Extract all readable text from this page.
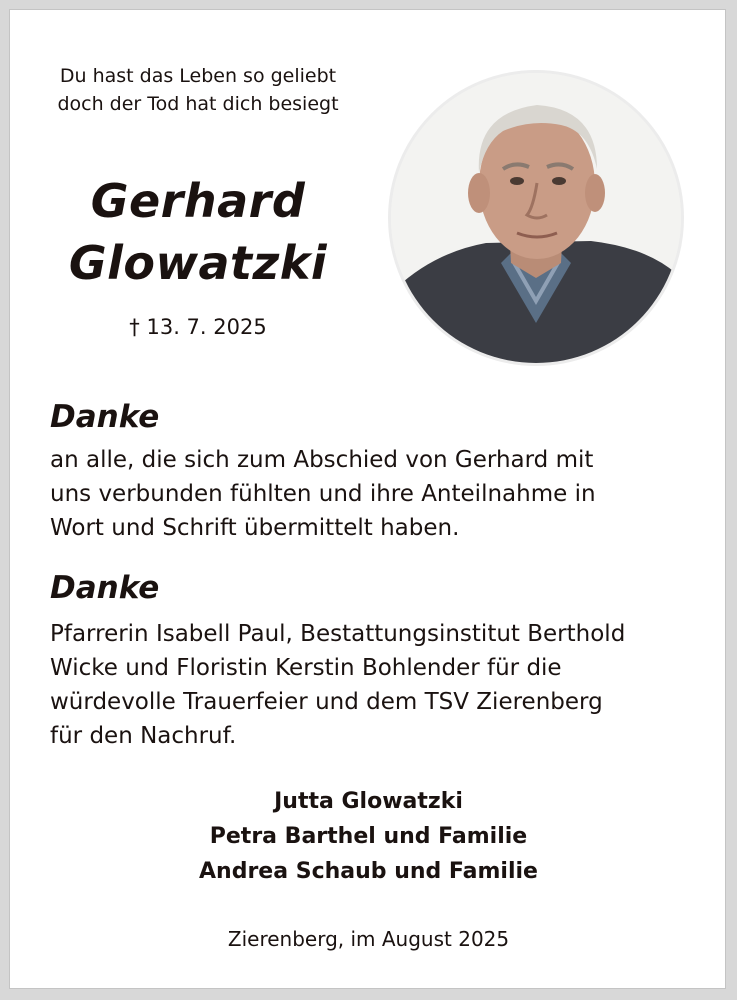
Du hast das Leben so geliebt
doch der Tod hat dich besiegt
Gerhard
Glowatzki
† 13. 7. 2025
Danke
an alle, die sich zum Abschied von Gerhard mit
uns verbunden fühlten und ihre Anteilnahme in
Wort und Schrift übermittelt haben.
Danke
Pfarrerin Isabell Paul, Bestattungsinstitut Berthold
Wicke und Floristin Kerstin Bohlender für die
würdevolle Trauerfeier und dem TSV Zierenberg
für den Nachruf.
Jutta Glowatzki
Petra Barthel und Familie
Andrea Schaub und Familie
Zierenberg, im August 2025
